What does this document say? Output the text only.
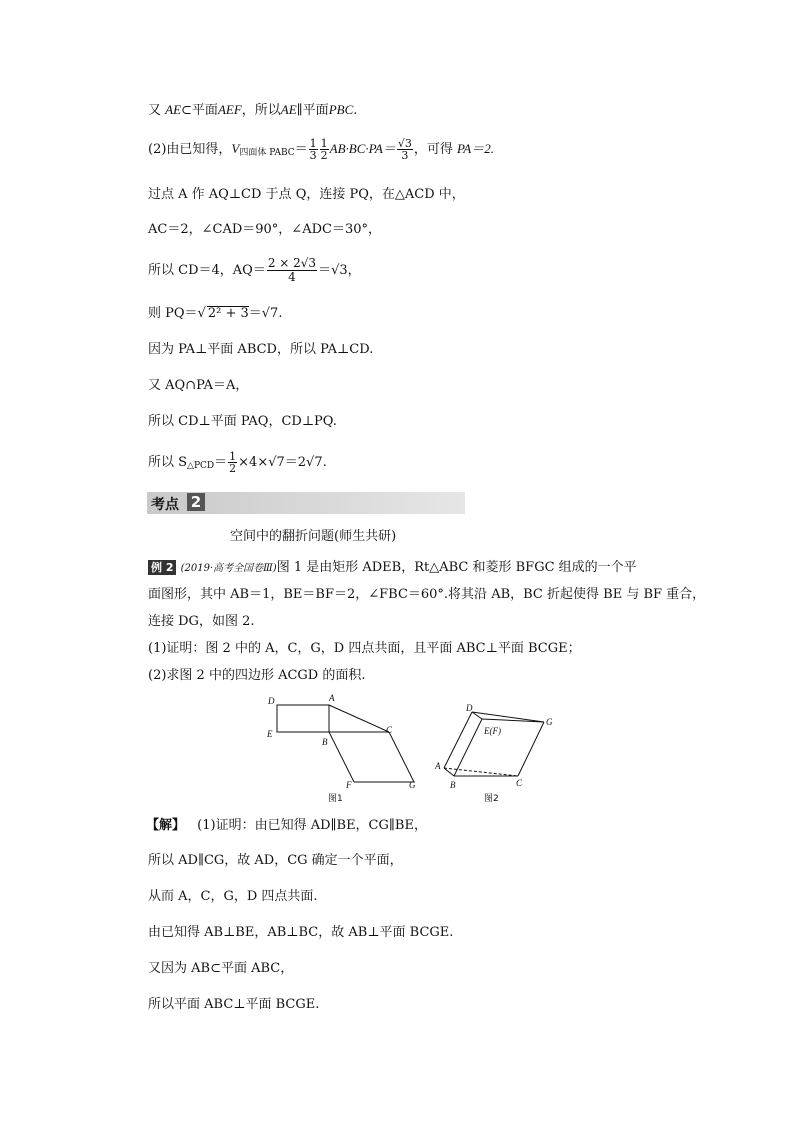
又 AE⊂平面AEF，所以AE∥平面PBC.
(2)由已知得，$V_{四面体 PABC}= \frac{1}{3} \frac{1}{2} AB\cdot BC\cdot PA= \frac{√3}{3}$ ，可得 PA＝2.
过点 A 作 AQ⊥CD 于点 Q，连接 PQ，在△ACD 中，
AC＝2，∠CAD＝90°，∠ADC＝30°，
所以 CD＝4，$AQ= \frac{2 \times 2√3}{4} =√3$，
则 PQ＝√ 2² + 3＝√7.
因为 PA⊥平面 ABCD，所以 PA⊥CD.
又 AQ∩PA＝A，
所以 CD⊥平面 PAQ，CD⊥PQ.
所以 $S_{\triangle PCD}= \frac{1}{2} \times 4\times√7=2√7$.
考点 2
空间中的翻折问题(师生共研)
例 2 (2019·高考全国卷Ⅲ)图 1 是由矩形 ADEB，Rt△ABC 和菱形 BFGC 组成的一个平
面图形，其中 AB＝1，BE＝BF＝2，∠FBC＝60°.将其沿 AB，BC 折起使得 BE 与 BF 重合，
连接 DG，如图 2.
(1)证明：图 2 中的 A，C，G，D 四点共面，且平面 ABC⊥平面 BCGE；
(2)求图 2 中的四边形 ACGD 的面积.
D	A
E
B
C
F	G
图1
D
G
E(F)
A
B	C
图2
【解】 (1)证明：由已知得 AD∥BE，CG∥BE，
所以 AD∥CG，故 AD，CG 确定一个平面，
从而 A，C，G，D 四点共面.
由已知得 AB⊥BE，AB⊥BC，故 AB⊥平面 BCGE.
又因为 AB⊂平面 ABC，
所以平面 ABC⊥平面 BCGE.
